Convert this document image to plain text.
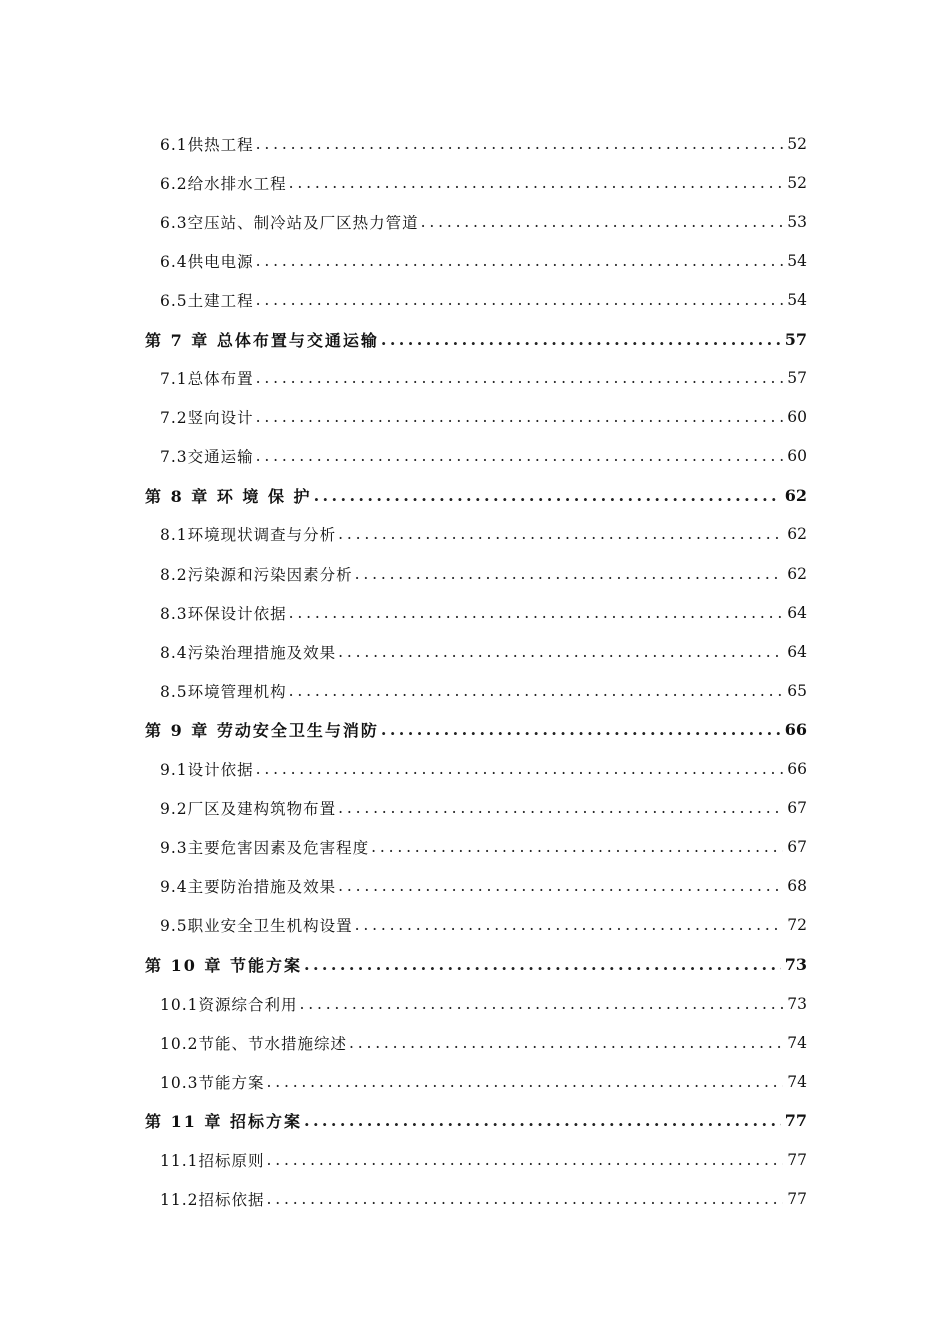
6.1供热工程 .....	52
6.2给水排水工程 .....	52
6.3空压站、制冷站及厂区热力管道 .....	53
6.4供电电源 .....	54
6.5土建工程 .....	54
第 7 章 总体布置与交通运输 .....	57
7.1总体布置 .....	57
7.2竖向设计 .....	60
7.3交通运输 .....	60
第 8 章 环 境 保 护 .....	62
8.1环境现状调查与分析 .....	62
8.2污染源和污染因素分析 .....	62
8.3环保设计依据 .....	64
8.4污染治理措施及效果 .....	64
8.5环境管理机构 .....	65
第 9 章 劳动安全卫生与消防 .....	66
9.1设计依据 .....	66
9.2厂区及建构筑物布置 .....	67
9.3主要危害因素及危害程度 .....	67
9.4主要防治措施及效果 .....	68
9.5职业安全卫生机构设置 .....	72
第 10 章 节能方案 .....	73
10.1资源综合利用 .....	73
10.2节能、节水措施综述 .....	74
10.3节能方案 .....	74
第 11 章 招标方案 .....	77
11.1招标原则 .....	77
11.2招标依据 .....	77
